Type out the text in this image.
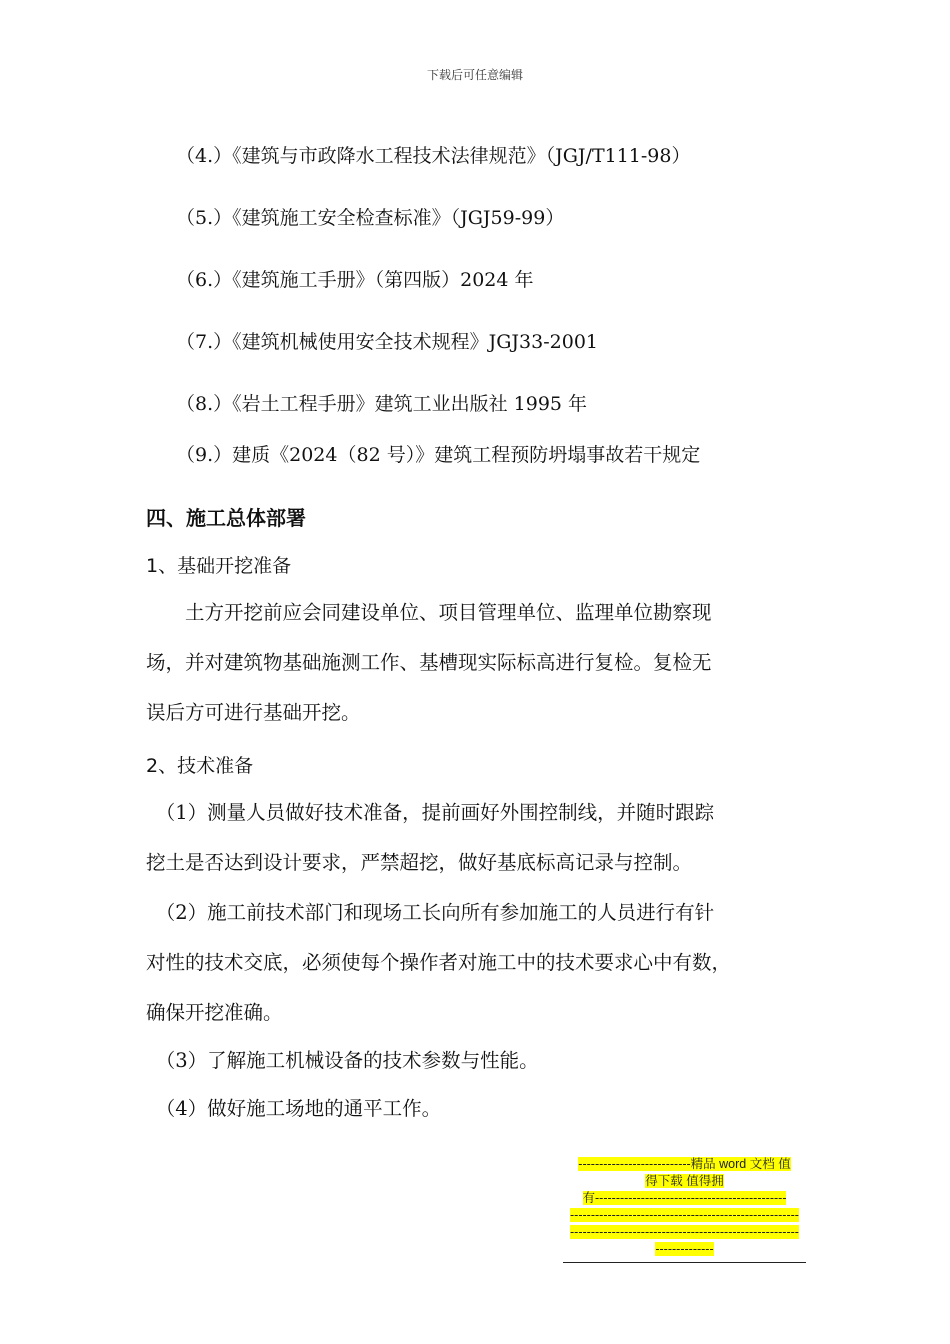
下载后可任意编辑
（4.）《建筑与市政降水工程技术法律规范》（JGJ/T111-98）
（5.）《建筑施工安全检查标准》（JGJ59-99）
（6.）《建筑施工手册》（第四版）2024 年
（7.）《建筑机械使用安全技术规程》JGJ33-2001
（8.）《岩土工程手册》建筑工业出版社 1995 年
（9.）建质《2024（82 号）》建筑工程预防坍塌事故若干规定
四、施工总体部署
1、基础开挖准备
　　土方开挖前应会同建设单位、项目管理单位、监理单位勘察现
场，并对建筑物基础施测工作、基槽现实际标高进行复检。复检无
误后方可进行基础开挖。
2、技术准备
　（1）测量人员做好技术准备，提前画好外围控制线，并随时跟踪
挖土是否达到设计要求，严禁超挖，做好基底标高记录与控制。
　（2）施工前技术部门和现场工长向所有参加施工的人员进行有针
对性的技术交底，必须使每个操作者对施工中的技术要求心中有数，
确保开挖准确。
　（3）了解施工机械设备的技术参数与性能。
　（4）做好施工场地的通平工作。
---------------------------精品 word 文档 值
得下载 值得拥
有----------------------------------------------
-------------------------------------------------------
-------------------------------------------------------
--------------
